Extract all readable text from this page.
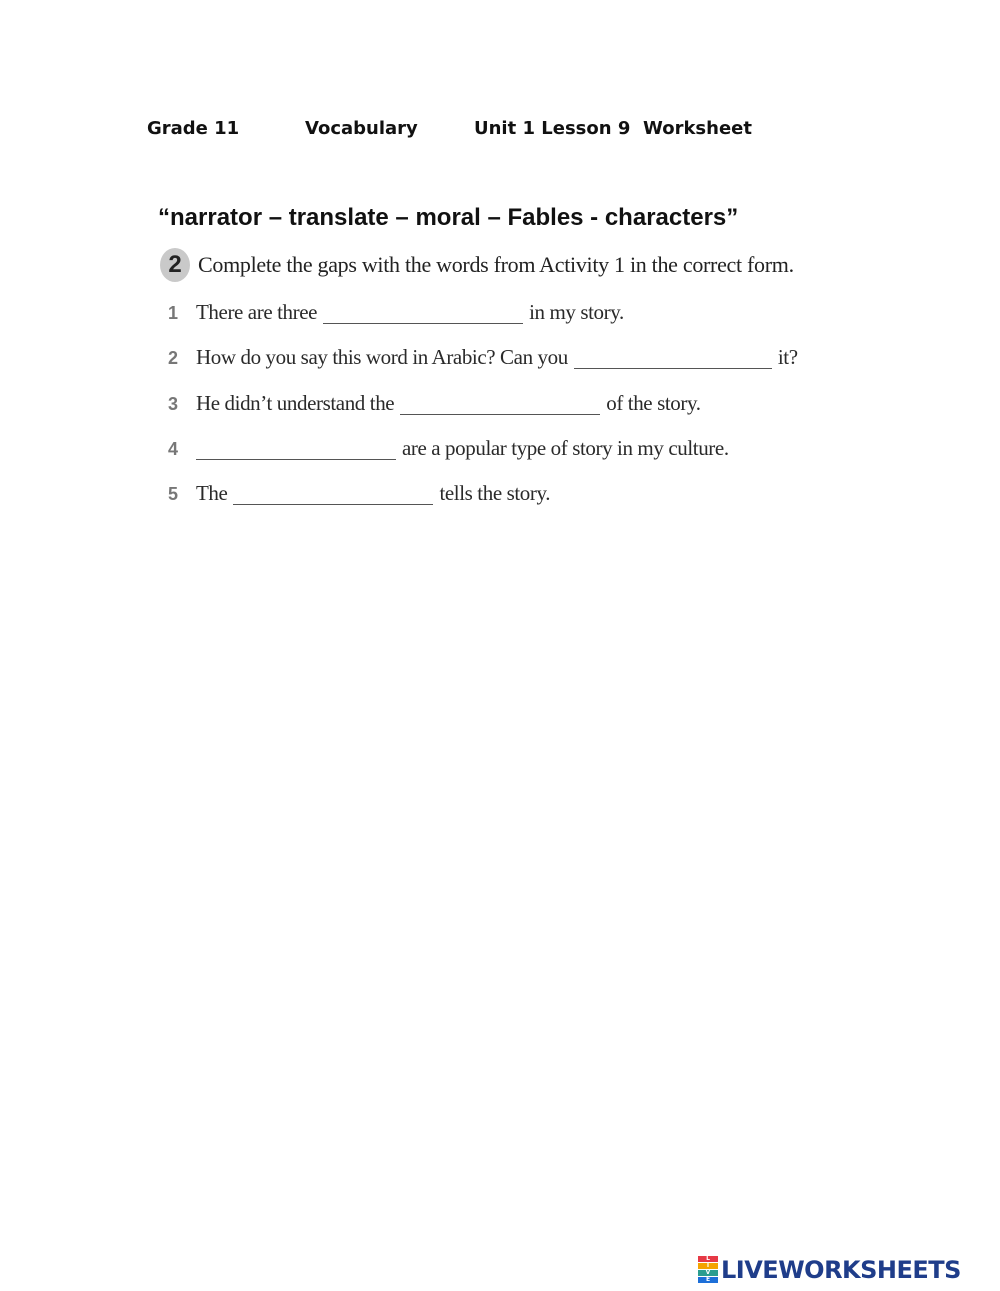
Grade 11	Vocabulary	Unit 1 Lesson 9 Worksheet
“narrator – translate – moral – Fables - characters”
2 Complete the gaps with the words from Activity 1 in the correct form.
1 There are three	in my story.
2 How do you say this word in Arabic? Can you	it?
3 He didn’t understand the	of the story.
4	are a popular type of story in my culture.
5 The	tells the story.
L
I
V
E LIVEWORKSHEETS
